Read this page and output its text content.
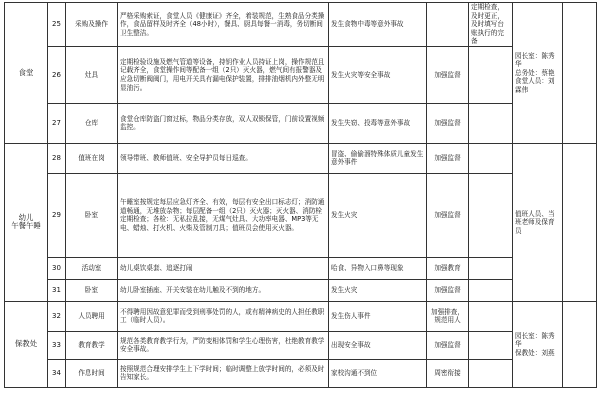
食堂	25	采购及操作	严格采购索证，食堂人员《健康证》齐全，着装规范，生熟食品分类操作，食品留样及时齐全（48小时），餐具、厨具每餐一消毒，务切断间卫生整洁。	发生食物中毒等意外事故		定期检查，及时更正，及时填写台账执行的完备	园长室：陈秀华
总务处：蔡艳
食堂人员：刘霖伟	
	26	灶具	定期检验设施及燃气管道等设备，持钥作业人员持证上岗，操作规范且记载齐全，食堂操作间等配备一组（2只）灭火器，燃气间有报警器及应急切断阀阀门，用电开关具有漏电保护装置，排排油烟机内外整无明显油污。	发生火灾等安全事故	加强监督			
	27	仓库	食堂仓库防盗门窗过标，物品分类存放，双人双锁保管，门前设置视频监控。	发生失窃、投毒等意外事故	加强监督			
幼儿
午餐午睡	28	值班在岗	领导带班、教师值班、安全导护员每日巡查。	冒盗、偷偷溜特殊体质儿童发生意外事件	加强监督		值班人员、当班老师及保育员	
	29	卧室	午睡室按规定每层应急灯齐全、有效，每层有安全出口标志灯；消防通道畅通，无堆放杂物；每层配备一组（2只）灭火器；灭火器、消防栓定期检查；各检：无私拉乱接，无煤气灶具、大功率电器、MP3等无电、蜡烛、打火机、火柴及管制刀具；值班员会使用灭火器。	发生火灾	加强监督			
	30	活动室	幼儿桌饮桌套、追逐打闹	哈食、异物入口鼻等现象	加强教育			
	31	卧室	幼儿卧室插座、开关安装在幼儿触及不到的地方。	发生火灾	加强监督			
保教处	32	人员聘用	不得聘用因故意犯罪而受到刑事处罚的人，或有精神病史的人担任教职工（临时人员）。	发生伤人事件	加强排查，规范用人		园长室：陈秀华
保教处：刘燕	
	33	教育教学	规范各类教育教学行为，严防变相体罚和学生心理伤害，杜绝教育教学安全事故。	出现安全事故	加强监督			
	34	作息时间	按照规范合理安排学生上下学时间；临时调整上放学时间的，必须及时告知家长。	家校沟通不到位	周密衔接			
